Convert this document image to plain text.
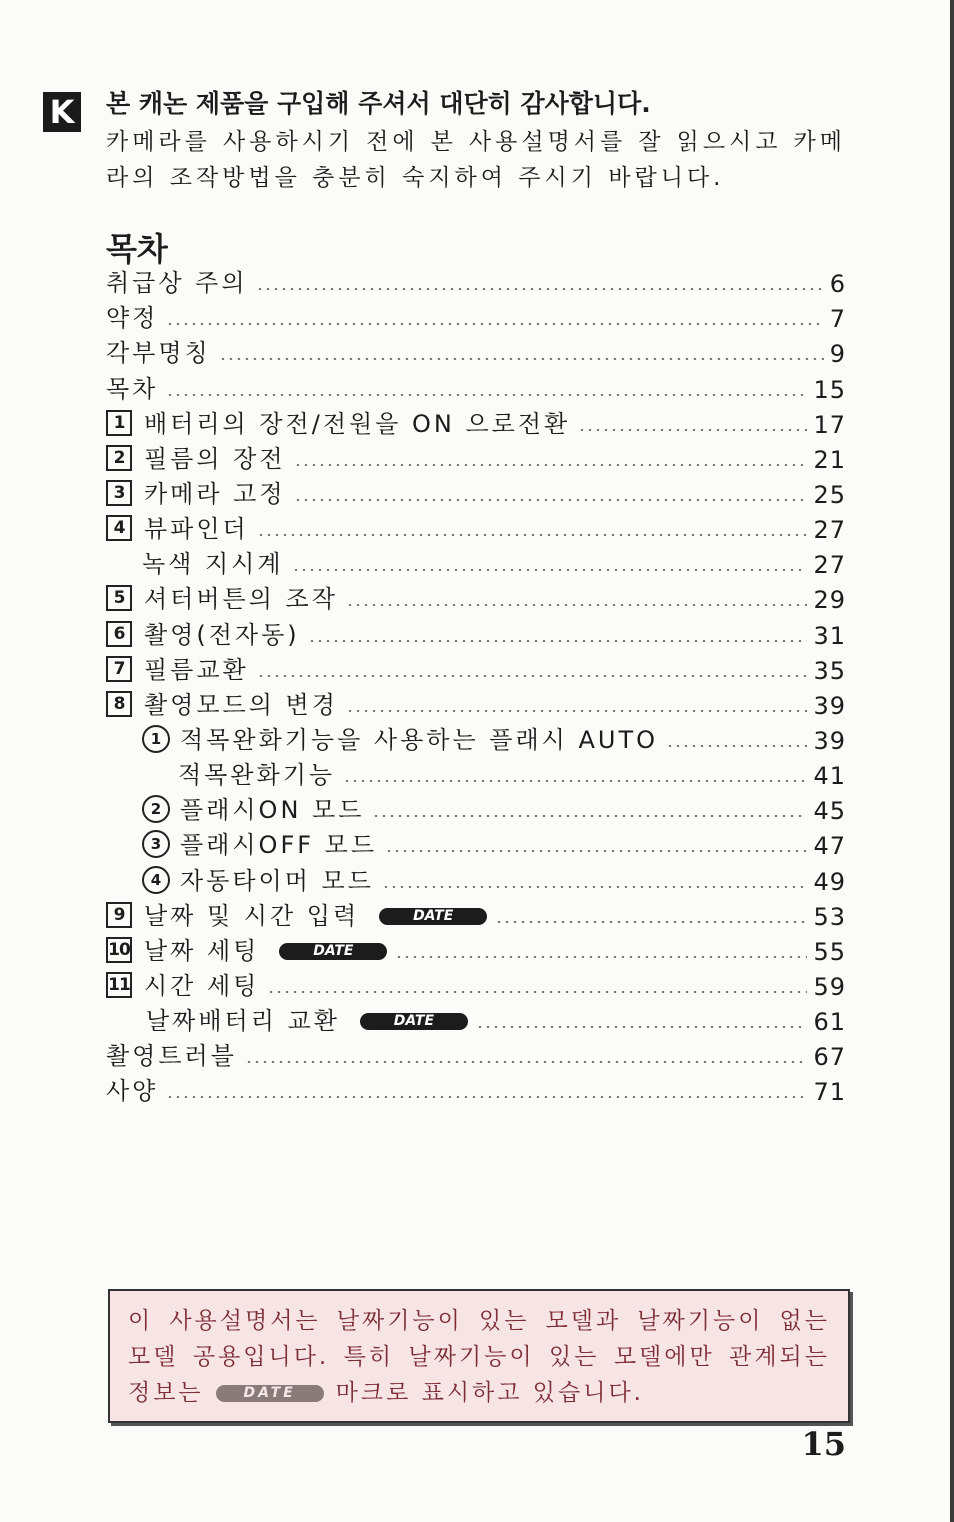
K 본 캐논 제품을 구입해 주셔서 대단히 감사합니다.
카메라를 사용하시기 전에 본 사용설명서를 잘 읽으시고 카메라의 조작방법을 충분히 숙지하여 주시기 바랍니다.
목차
취급상 주의	6
약정	7
각부명칭	9
목차	15
1 배터리의 장전/전원을 ON 으로전환	17
2 필름의 장전	21
3 카메라 고정	25
4 뷰파인더	27
녹색 지시계	27
5 셔터버튼의 조작	29
6 촬영(전자동)	31
7 필름교환	35
8 촬영모드의 변경	39
1 적목완화기능을 사용하는 플래시 AUTO	39
적목완화기능	41
2 플래시ON 모드	45
3 플래시OFF 모드	47
4 자동타이머 모드	49
9 날짜 및 시간 입력	DATE	53
10 날짜 세팅	DATE	55
11 시간 세팅	59
날짜배터리 교환	DATE	61
촬영트러블	67
사양	71
이 사용설명서는 날짜기능이 있는 모델과 날짜기능이 없는 모델 공용입니다. 특히 날짜기능이 있는 모델에만 관계되는 정보는	DATE 마크로 표시하고 있습니다.
15
